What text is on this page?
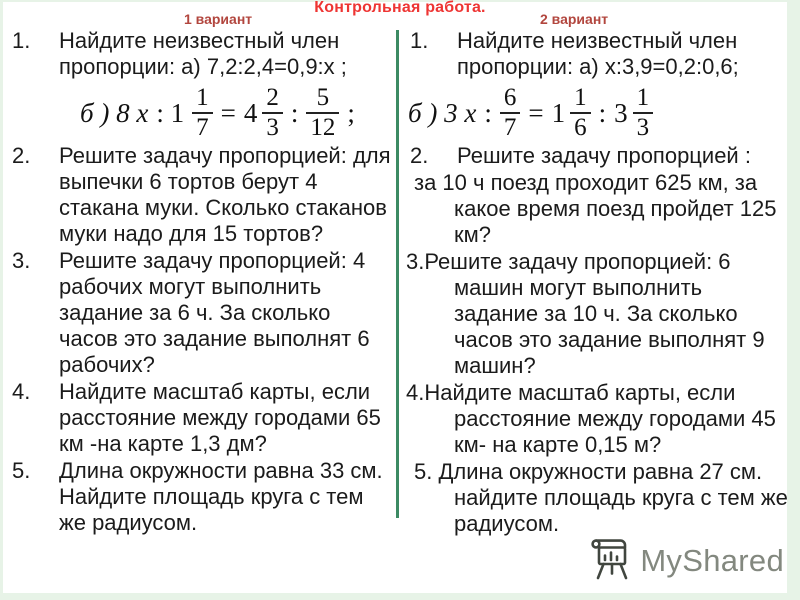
Контрольная работа.
1 вариант	2 вариант
1.	Найдите неизвестный член пропорции: а) 7,2:2,4=0,9:х ;
б ) 8 x : $1 \frac{1}{7} = 4 \frac{2}{3}$ : $\frac{5}{12}$ ;
2.	Решите задачу пропорцией: для выпечки 6 тортов берут 4 стакана муки. Сколько стаканов муки надо для 15 тортов?
3.	Решите задачу пропорцией: 4 рабочих могут выполнить задание за 6 ч. За сколько часов это задание выполнят 6 рабочих?
4.	Найдите масштаб карты, если расстояние между городами 65 км -на карте 1,3 дм?
5.	Длина окружности равна 33 см. Найдите площадь круга с тем же радиусом.
1.	Найдите неизвестный член пропорции: а) х:3,9=0,2:0,6;
б ) 3 x : $\frac{6}{7} = 1 \frac{1}{6}$ : $3 \frac{1}{3}$
2.	Решите задачу пропорцией :

за 10 ч поезд проходит 625 км, за какое время поезд пройдет 125 км?

3.Решите задачу пропорцией: 6 машин могут выполнить задание за 10 ч. За сколько часов это задание выполнят 9 машин?

4.Найдите масштаб карты, если расстояние между городами 45 км- на карте 0,15 м?

5. Длина окружности равна 27 см. найдите площадь круга с тем же радиусом.

MyShared
